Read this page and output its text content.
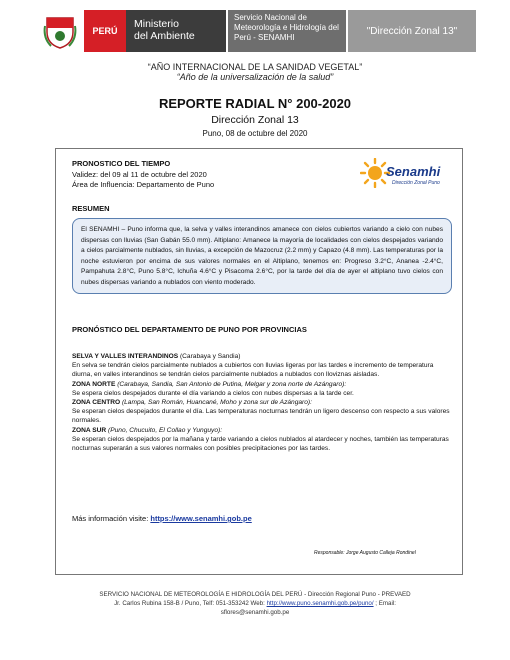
PERÚ
Ministerio
del Ambiente
Servicio Nacional de
Meteorología e Hidrología del
Perú - SENAMHI
"Dirección Zonal 13"
“AÑO INTERNACIONAL DE LA SANIDAD VEGETAL”
“Año de la universalización de la salud”
REPORTE RADIAL N° 200-2020
Dirección Zonal 13
Puno, 08 de octubre del 2020
PRONOSTICO DEL TIEMPO
Validez: del 09 al 11 de octubre del 2020
Área de Influencia: Departamento de Puno
Senamhi
Dirección Zonal Puno
RESUMEN
El SENAMHI – Puno informa que, la selva y valles interandinos amanece con cielos cubiertos variando a cielo con nubes dispersas con lluvias (San Gabán 55.0 mm). Altiplano: Amanece la mayoría de localidades con cielos despejados variando a cielos parcialmente nublados, sin lluvias, a excepción de Mazocruz (2.2 mm) y Capazo (4.8 mm). Las temperaturas por la noche estuvieron por encima de sus valores normales en el Altiplano, tenemos en: Progreso 3.2°C, Ananea -2.4°C, Pampahuta 2.8°C, Puno 5.8°C, Ichuña 4.6°C y Pisacoma 2.6°C, por la tarde del día de ayer el altiplano tuvo cielos con nubes dispersas variando a nublados con viento moderado.
PRONÓSTICO DEL DEPARTAMENTO DE PUNO POR PROVINCIAS

SELVA Y VALLES INTERANDINOS (Carabaya y Sandia)

En selva se tendrán cielos parcialmente nublados a cubiertos con lluvias ligeras por las tardes e incremento de temperatura diurna, en valles interandinos se tendrán cielos parcialmente nublados a nublados con lloviznas aisladas.

ZONA NORTE (Carabaya, Sandia, San Antonio de Putina, Melgar y zona norte de Azángaro):

Se espera cielos despejados durante el día variando a cielos con nubes dispersas a la tarde cer.

ZONA CENTRO (Lampa, San Román, Huancané, Moho y zona sur de Azángaro):

Se esperan cielos despejados durante el día. Las temperaturas nocturnas tendrán un ligero descenso con respecto a sus valores normales.

ZONA SUR (Puno, Chucuito, El Collao y Yunguyo):

Se esperan cielos despejados por la mañana y tarde variando a cielos nublados al atardecer y noches, también las temperaturas nocturnas superarán a sus valores normales con posibles precipitaciones por las tardes.

Más información visite: https://www.senamhi.gob.pe
Responsable: Jorge Augusto Calleja Rondinel
SERVICIO NACIONAL DE METEOROLOGÍA E HIDROLOGÍA DEL PERÚ - Dirección Regional Puno - PREVAED
Jr. Carlos Rubina 158-B / Puno, Telf: 051-353242 Web: http://www.puno.senamhi.gob.pe/puno/ ; Email:
sflores@senamhi.gob.pe
